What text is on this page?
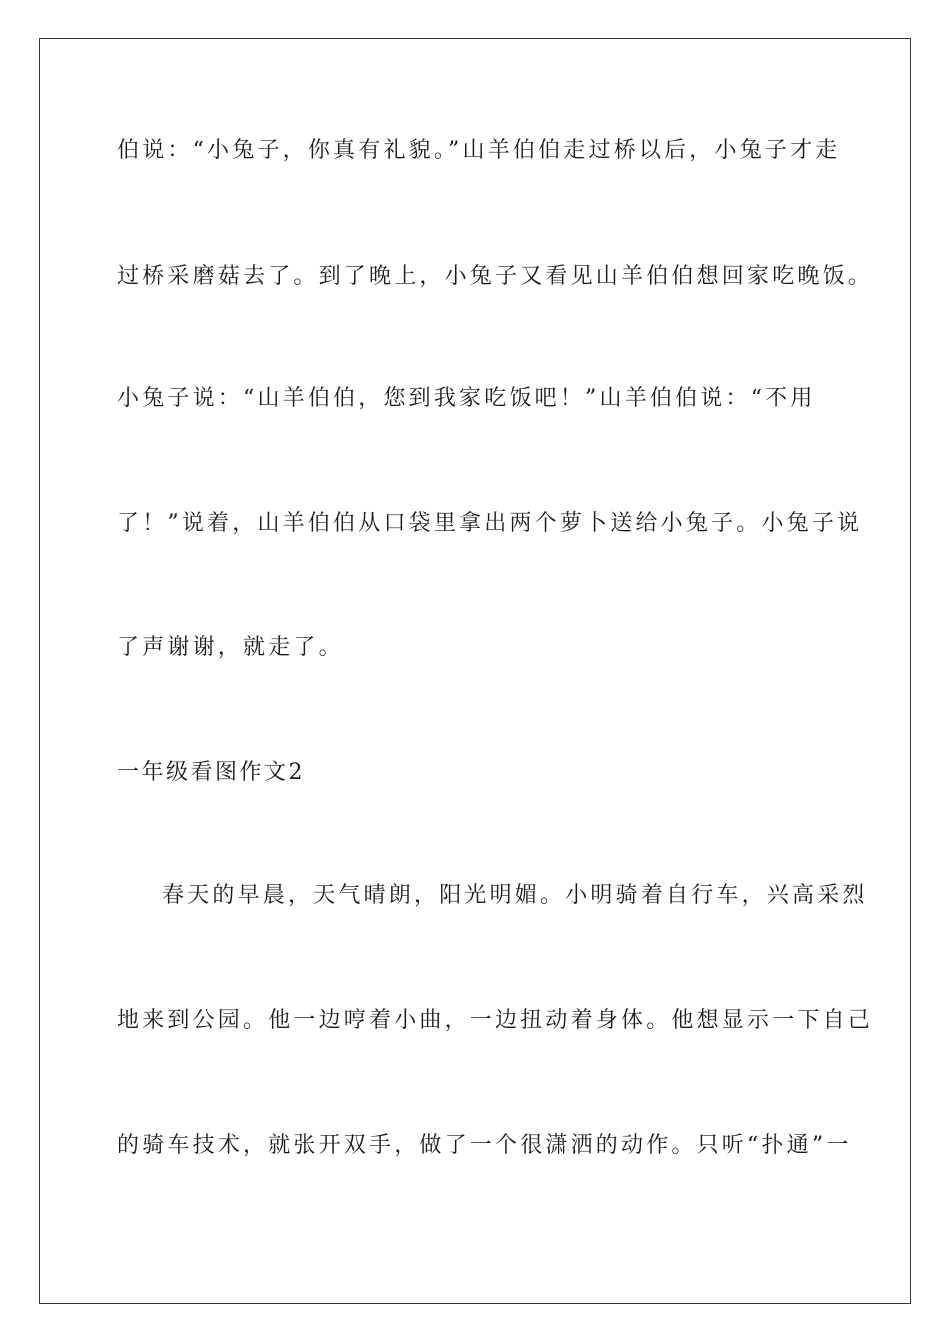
伯说：“小兔子，你真有礼貌。”山羊伯伯走过桥以后，小兔子才走
过桥采磨菇去了。到了晚上，小兔子又看见山羊伯伯想回家吃晚饭。
小兔子说：“山羊伯伯，您到我家吃饭吧！”山羊伯伯说：“不用
了！”说着，山羊伯伯从口袋里拿出两个萝卜送给小兔子。小兔子说
了声谢谢，就走了。
一年级看图作文2
春天的早晨，天气晴朗，阳光明媚。小明骑着自行车，兴高采烈
地来到公园。他一边哼着小曲，一边扭动着身体。他想显示一下自己
的骑车技术，就张开双手，做了一个很潇洒的动作。只听“扑通”一
